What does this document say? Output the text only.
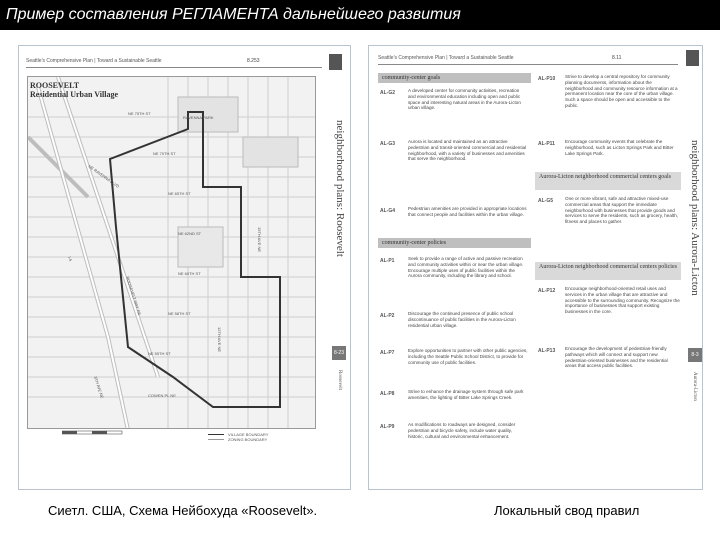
Пример составления РЕГЛАМЕНТА дальнейшего развития
Seattle's Comprehensive Plan | Toward a Sustainable Seattle	8.253
NE 75TH ST
NE 70TH ST
NE 65TH ST
NE RAVENNA BLVD
NE 62ND ST
NE 60TH ST
NE 58TH ST
NE 55TH ST
I-5
ROOSEVELT WAY NE
15TH AVE NE
12TH AVE NE
RAVENNA PARK
COWEN PL NE
8TH AVE NE
ROOSEVELT
Residential Urban Village
VILLAGE BOUNDARY
ZONING BOUNDARY
neighborhood plans: Roosevelt
8-23
Roosevelt
Seattle's Comprehensive Plan | Toward a Sustainable Seattle	8.11
community-center goals
AL-G2	A developed center for community activities, recreation and environmental education including open and public space and interesting natural areas in the Aurora-Licton urban village.
AL-G3	Aurora is located and maintained as an attractive pedestrian and transit-oriented commercial and residential neighborhood, with a variety of businesses and amenities that serve the neighborhood.
AL-G4	Pedestrian amenities are provided in appropriate locations that connect people and facilities within the urban village.
community-center policies
AL-P1	Seek to provide a range of active and passive recreation and community activities within or near the urban village. Encourage multiple uses of public facilities within the Aurora community, including the library and school.
AL-P2	Discourage the continued presence of public school discontinuance of public facilities in the Aurora-Licton residential urban village.
AL-P7	Explore opportunities to partner with other public agencies, including the Seattle Public School District, to provide for community use of public facilities.
AL-P8	Strive to enhance the drainage system through safe park amenities, the lighting of Bitter Lake Springs Creek.
AL-P9	As modifications to roadways are designed, consider pedestrian and bicycle safety, include water quality, historic, cultural and environmental enhancement.
AL-P10 Strive to develop a central repository for community planning documents, information about the neighborhood and community resource information at a permanent location near the core of the urban village. Such a space should be open and accessible to the public.
AL-P11 Encourage community events that celebrate the neighborhood, such as Licton Springs Park and Bitter Lake Springs Park.
Aurora-Licton neighborhood commercial centers goals
AL-G5	One or more vibrant, safe and attractive mixed-use commercial areas that support the immediate neighborhood with businesses that provide goods and services to serve the residents, such as grocery, health, fitness and places to gather.
Aurora-Licton neighborhood commercial centers policies
AL-P12 Encourage neighborhood-oriented retail uses and services in the urban village that are attractive and accessible to the surrounding community. Recognize the importance of businesses that support existing businesses in the core.
AL-P13 Encourage the development of pedestrian-friendly pathways which will connect and support new pedestrian-oriented businesses and the residential areas that access public facilities.
neighborhood plans: Aurora-Licton
8-3
Aurora-Licton
Сиетл. США, Схема Нейбохуда «Roosevelt».	Локальный свод правил
